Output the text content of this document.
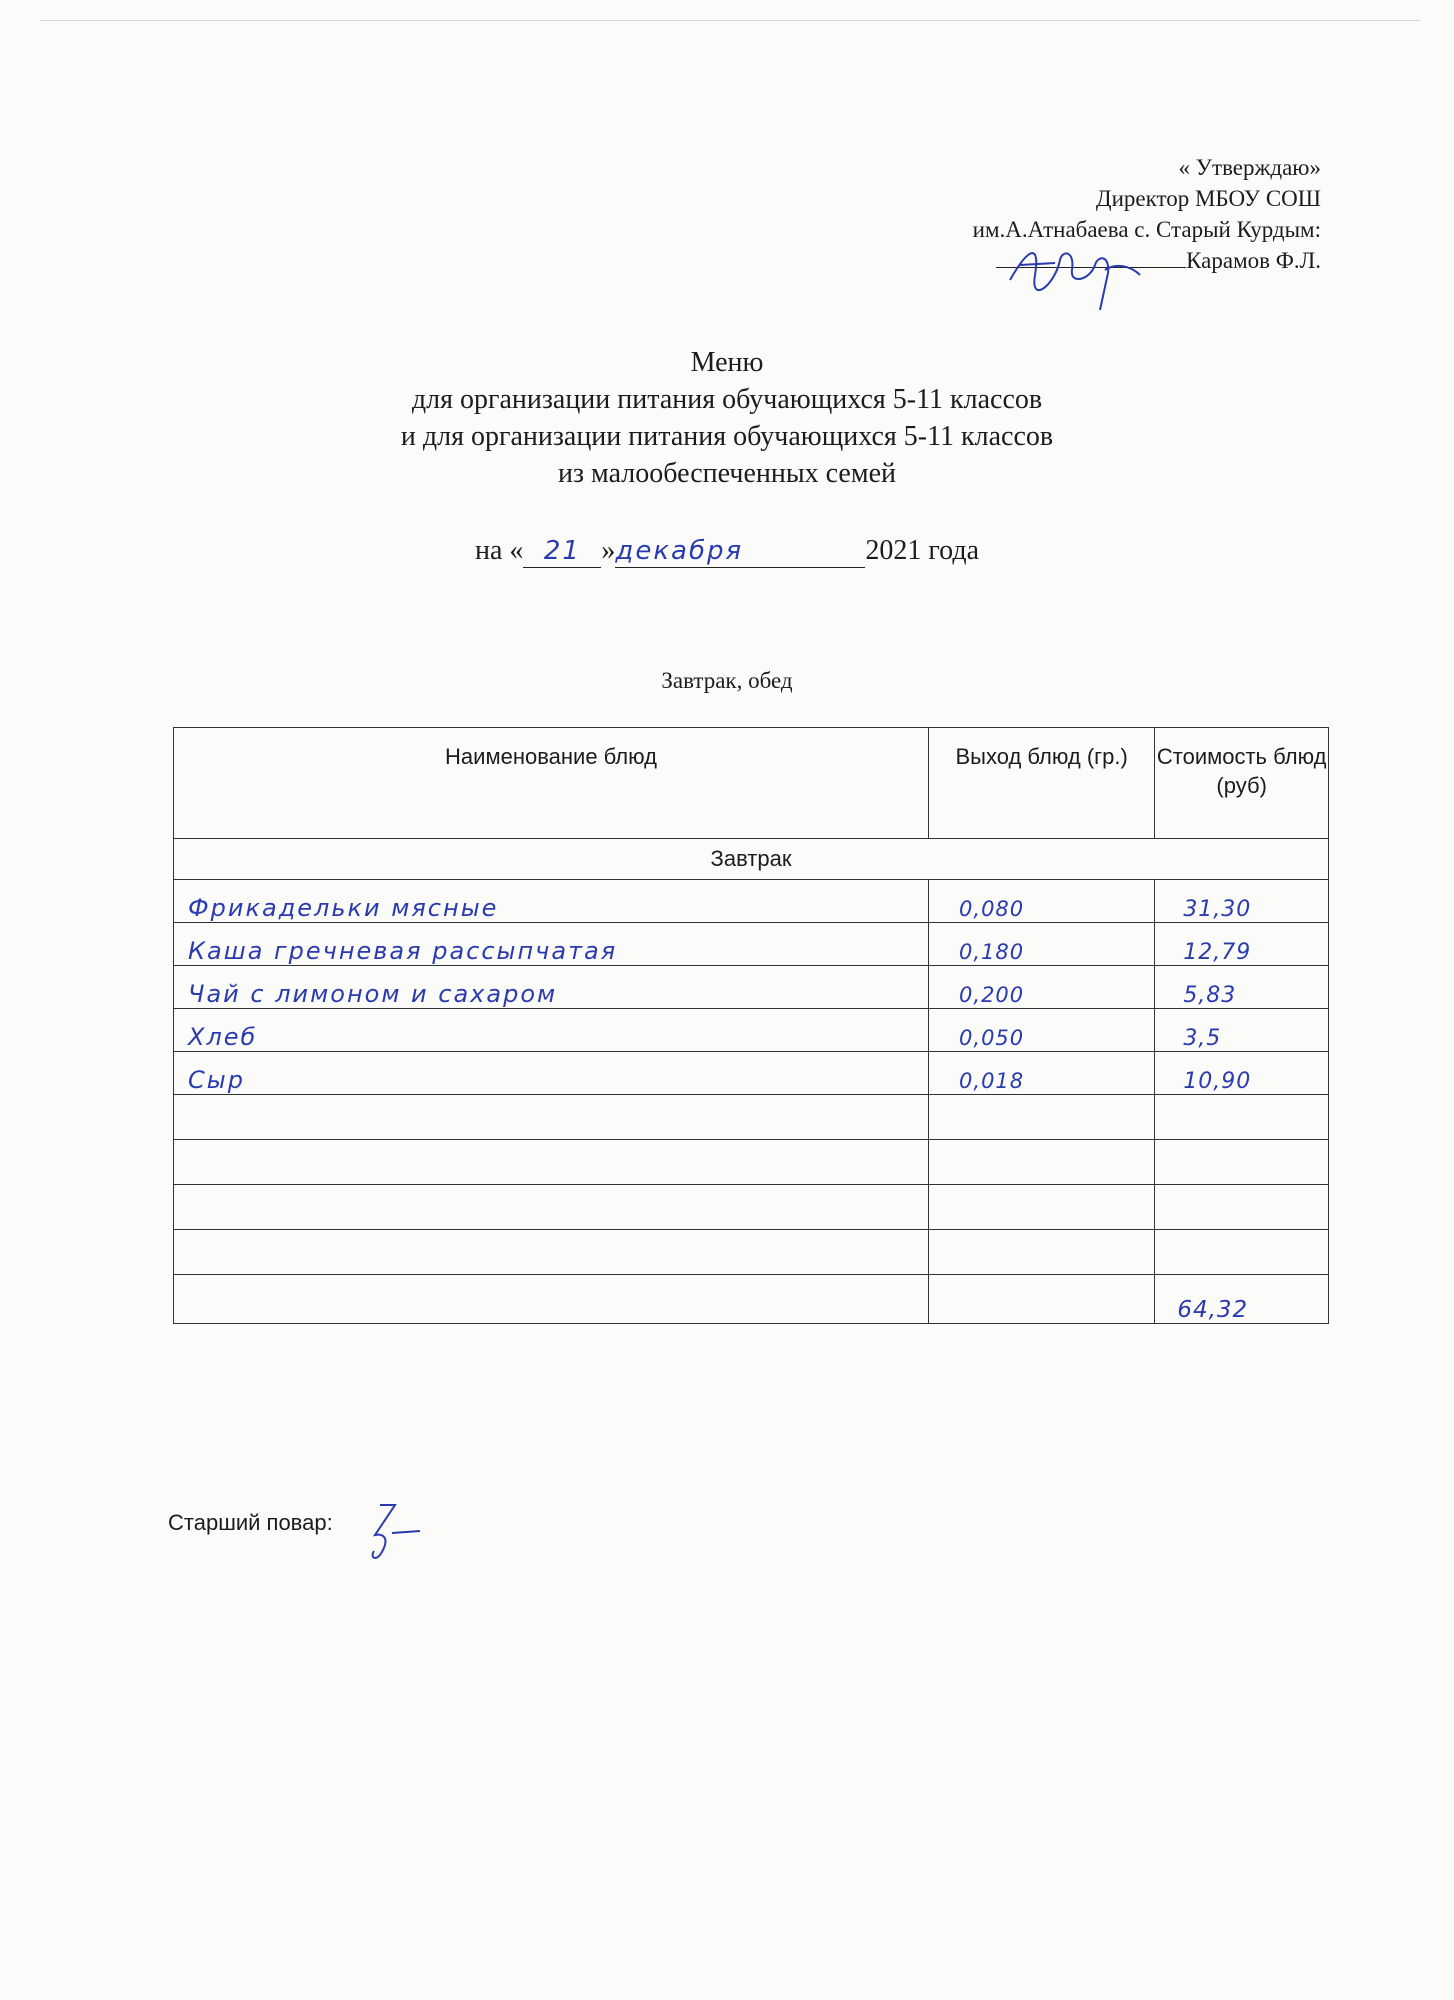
« Утверждаю»
Директор МБОУ СОШ
им.А.Атнабаева с. Старый Курдым:
Карамов Ф.Л.
Меню
для организации питания обучающихся 5-11 классов
и для организации питания обучающихся 5-11 классов
из малообеспеченных семей
на « 21 »декабря	2021 года
Завтрак, обед
Наименование блюд	Выход блюд (гр.)	Стоимость блюд (руб)
Завтрак		
Фрикадельки мясные	0,080	31,30
Каша гречневая рассыпчатая	0,180	12,79
Чай с лимоном и сахаром	0,200	5,83
Хлеб	0,050	3,5
Сыр	0,018	10,90

		64,32
Старший повар:
